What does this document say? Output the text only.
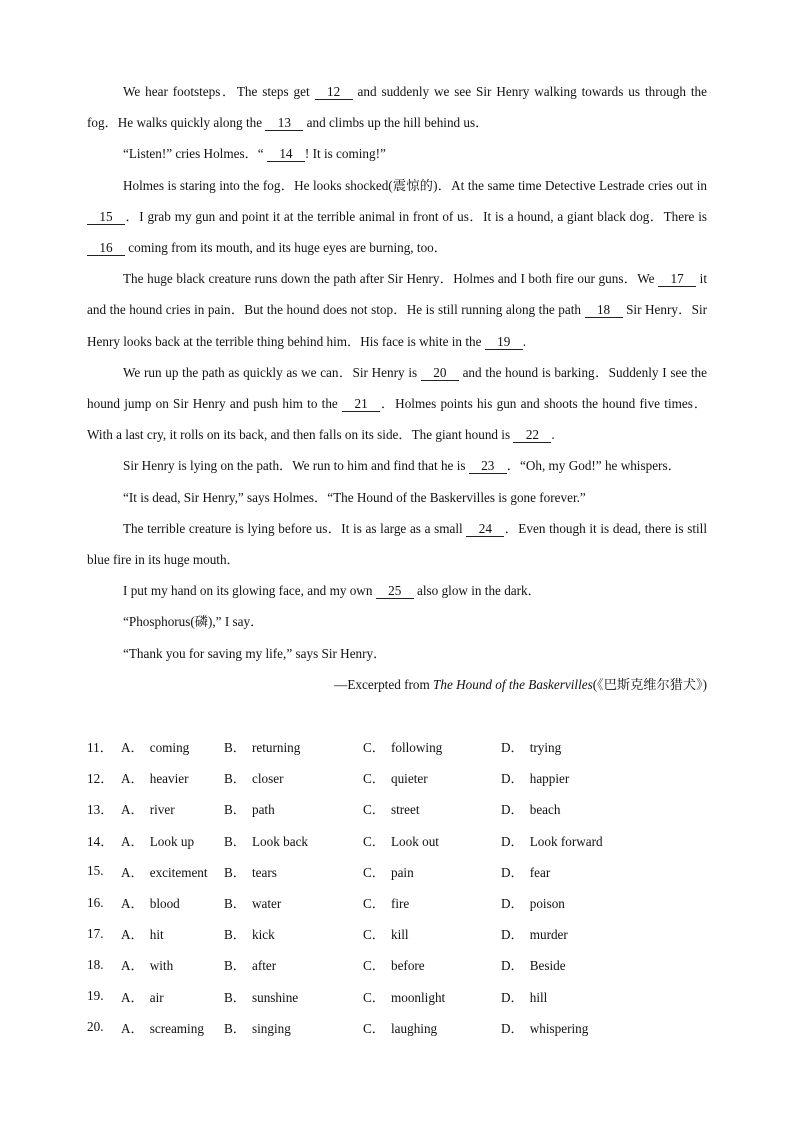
We hear footsteps．The steps get 12 and suddenly we see Sir Henry walking towards us through the fog．He walks quickly along the 13 and climbs up the hill behind us．

“Listen!” cries Holmes．“ 14 ! It is coming!”

Holmes is staring into the fog．He looks shocked(震惊的)．At the same time Detective Lestrade cries out in 15 ．I grab my gun and point it at the terrible animal in front of us．It is a hound, a giant black dog．There is 16 coming from its mouth, and its huge eyes are burning, too．

The huge black creature runs down the path after Sir Henry．Holmes and I both fire our guns．We 17 it and the hound cries in pain．But the hound does not stop．He is still running along the path 18 Sir Henry．Sir Henry looks back at the terrible thing behind him．His face is white in the 19 .

We run up the path as quickly as we can．Sir Henry is 20 and the hound is barking．Suddenly I see the hound jump on Sir Henry and push him to the 21 ．Holmes points his gun and shoots the hound five times．With a last cry, it rolls on its back, and then falls on its side．The giant hound is 22 .

Sir Henry is lying on the path．We run to him and find that he is 23 ．“Oh, my God!” he whispers．

“It is dead, Sir Henry,” says Holmes．“The Hound of the Baskervilles is gone forever.”

The terrible creature is lying before us．It is as large as a small 24 ．Even though it is dead, there is still blue fire in its huge mouth．

I put my hand on its glowing face, and my own 25 also glow in the dark．

“Phosphorus(磷),” I say．

“Thank you for saving my life,” says Sir Henry．

—Excerpted from The Hound of the Baskervilles(《巴斯克维尔猎犬》)

11． A． coming	B． returning	C． following	D． trying
12． A． heavier	B． closer	C． quieter	D． happier
13． A． river	B． path	C． street	D． beach
14． A． Look up	B． Look back	C． Look out	D． Look forward
15.	A． excitement	B． tears	C． pain	D． fear
16.	A． blood	B． water	C． fire	D． poison
17.	A． hit	B． kick	C． kill	D． murder
18.	A． with	B． after	C． before	D． Beside
19.	A． air	B． sunshine	C． moonlight	D． hill
20.	A． screaming	B． singing	C． laughing	D． whispering
